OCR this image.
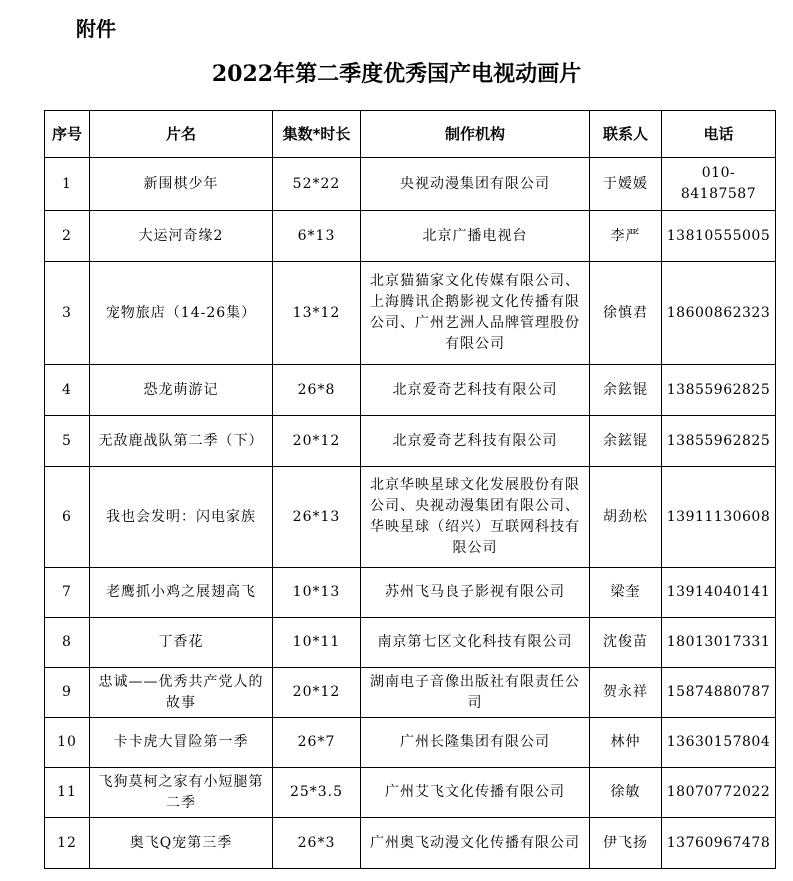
附件
2022年第二季度优秀国产电视动画片
序号	片名	集数*时长	制作机构	联系人	电话
1	新围棋少年	52*22	央视动漫集团有限公司	于嫒媛	010-84187587
2	大运河奇缘2	6*13	北京广播电视台	李严	13810555005
3	宠物旅店（14-26集）	13*12	北京猫猫家文化传媒有限公司、上海腾讯企鹅影视文化传播有限公司、广州艺洲人品牌管理股份有限公司	徐慎君	18600862323
4	恐龙萌游记	26*8	北京爱奇艺科技有限公司	余鉉锟	13855962825
5	无敌鹿战队第二季（下）	20*12	北京爱奇艺科技有限公司	余鉉锟	13855962825
6	我也会发明：闪电家族	26*13	北京华映星球文化发展股份有限公司、央视动漫集团有限公司、华映星球（绍兴）互联网科技有限公司	胡劲松	13911130608
7	老鹰抓小鸡之展翅高飞	10*13	苏州飞马良子影视有限公司	梁奎	13914040141
8	丁香花	10*11	南京第七区文化科技有限公司	沈俊苗	18013017331
9	忠诚——优秀共产党人的故事	20*12	湖南电子音像出版社有限责任公司	贺永祥	15874880787
10	卡卡虎大冒险第一季	26*7	广州长隆集团有限公司	林仲	13630157804
11	飞狗莫柯之家有小短腿第二季	25*3.5	广州艾飞文化传播有限公司	徐敏	18070772022
12	奥飞Q宠第三季	26*3	广州奥飞动漫文化传播有限公司	伊飞扬	13760967478
